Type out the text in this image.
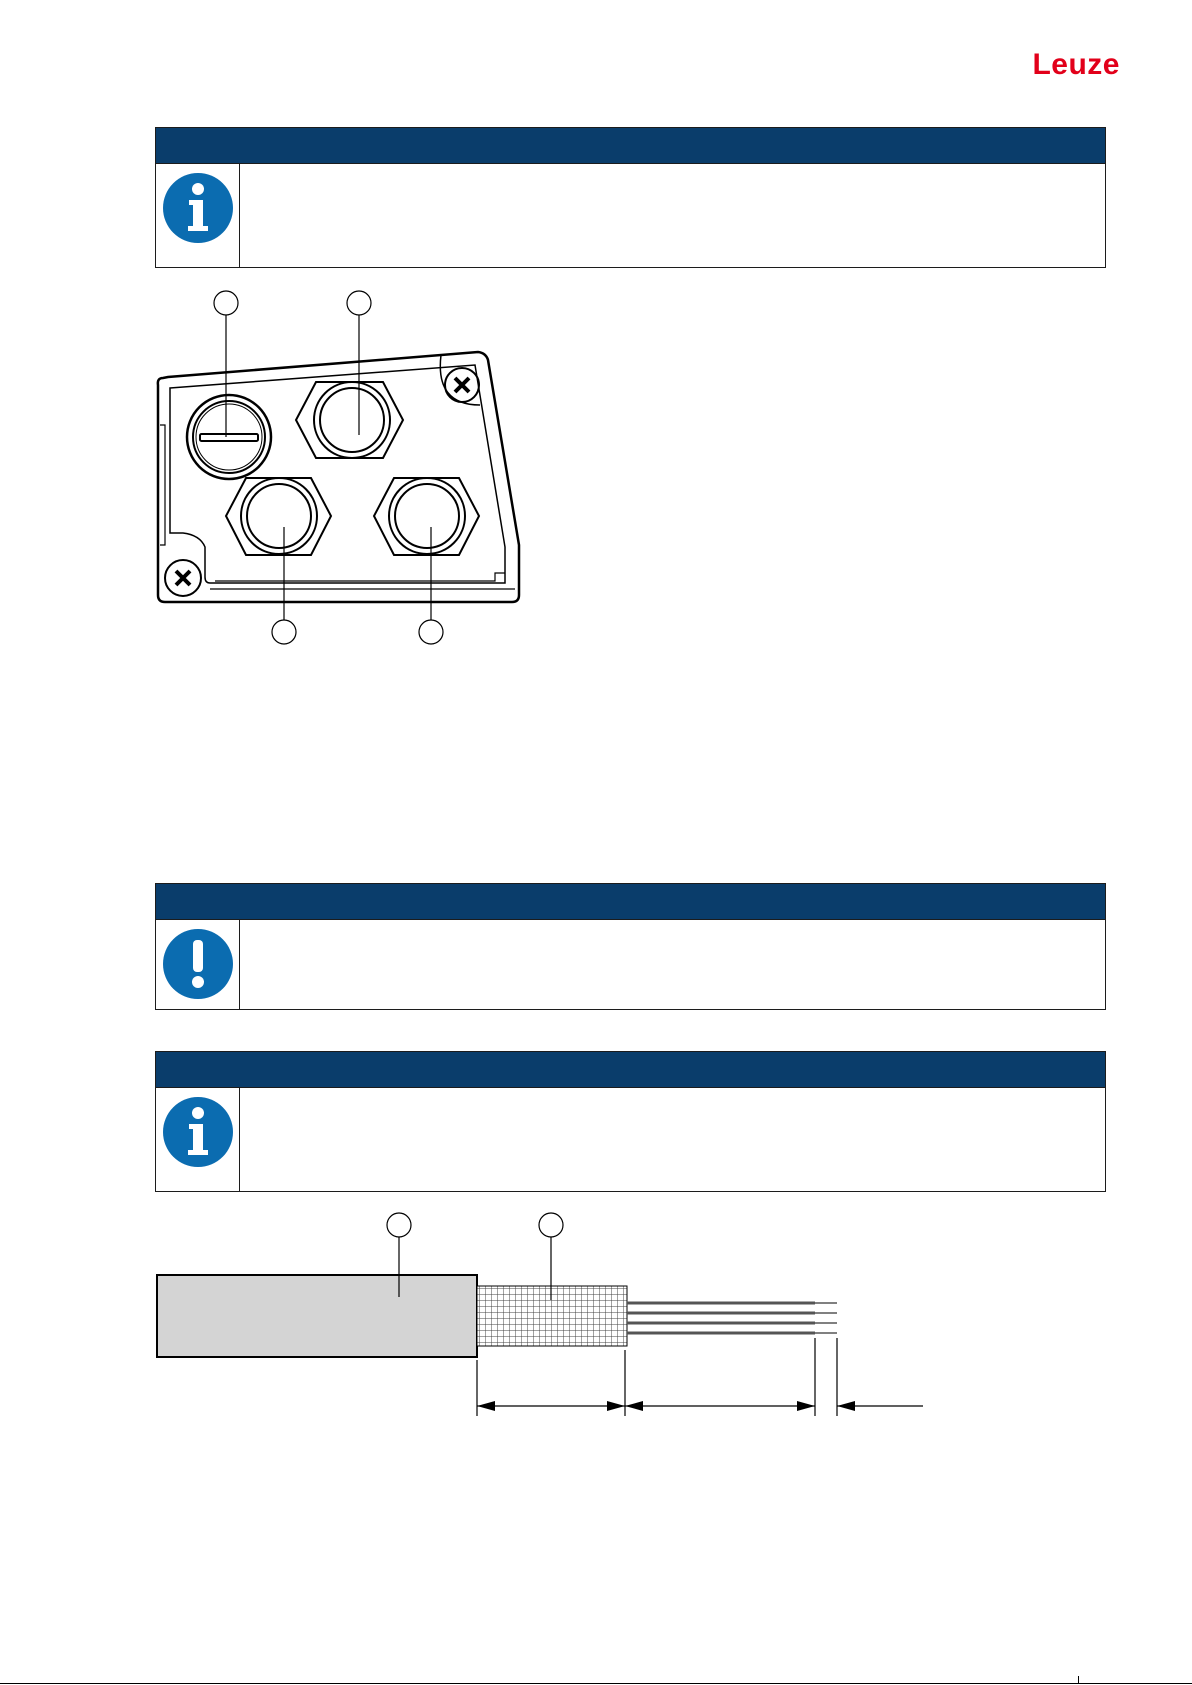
Leuze
